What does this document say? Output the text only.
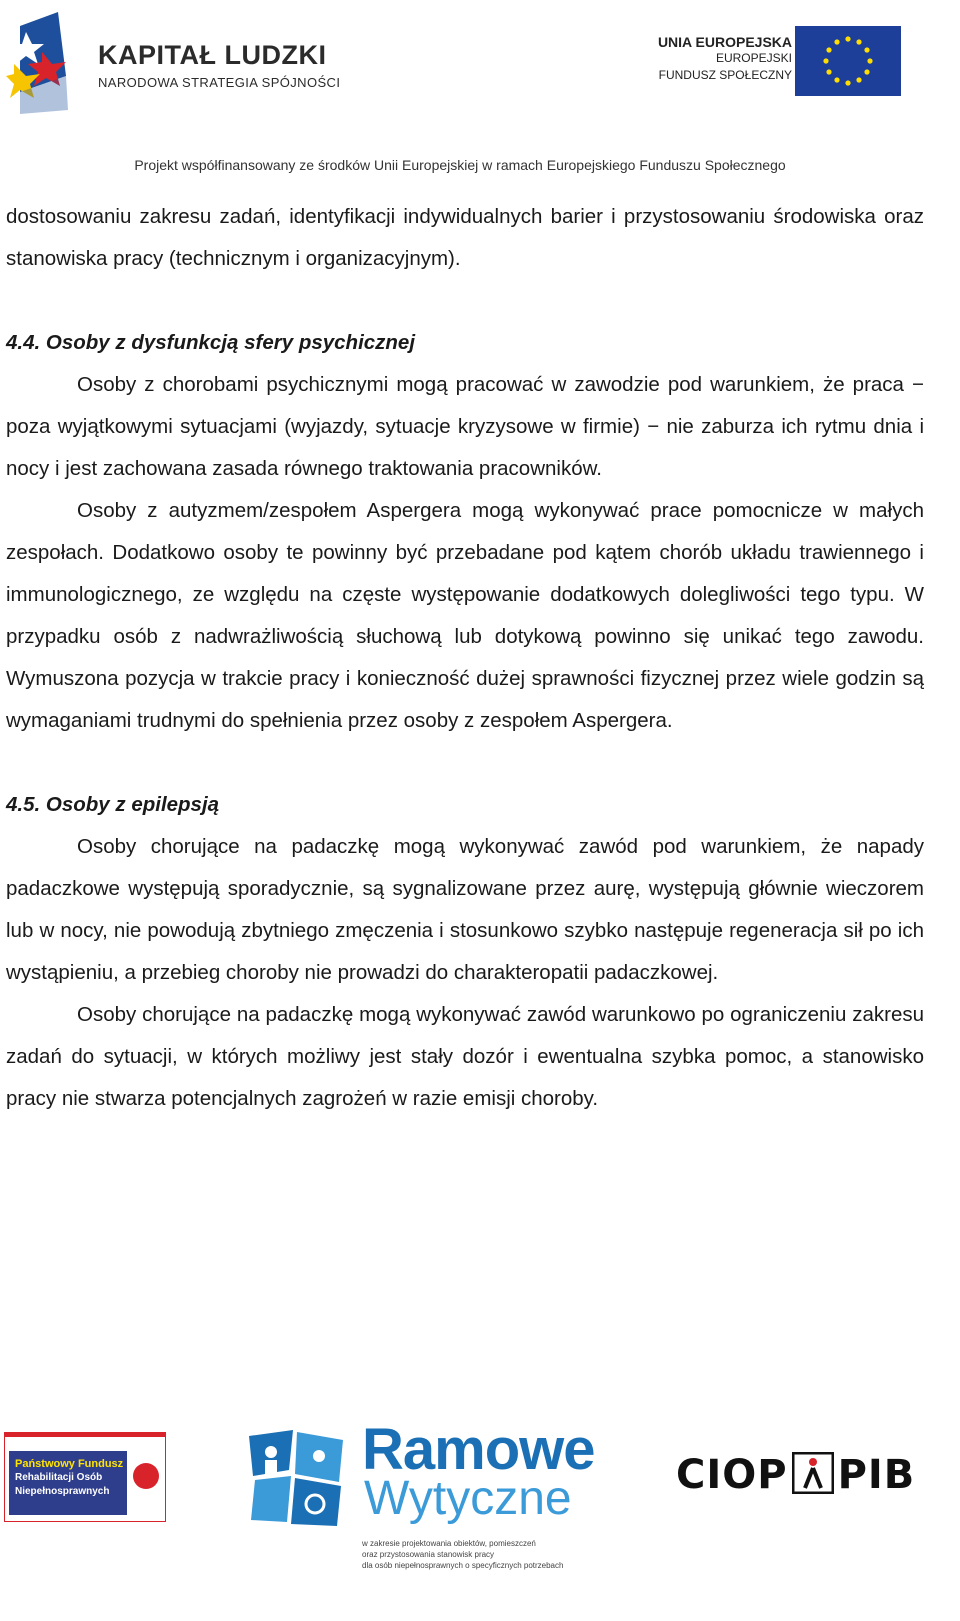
KAPITAŁ LUDZKI
NARODOWA STRATEGIA SPÓJNOŚCI
UNIA EUROPEJSKA
EUROPEJSKI
FUNDUSZ SPOŁECZNY
Projekt współfinansowany ze środków Unii Europejskiej w ramach Europejskiego Funduszu Społecznego

dostosowaniu zakresu zadań, identyfikacji indywidualnych barier i przystosowaniu środowiska oraz stanowiska pracy (technicznym i organizacyjnym).

4.4. Osoby z dysfunkcją sfery psychicznej

Osoby z chorobami psychicznymi mogą pracować w zawodzie pod warunkiem, że praca − poza wyjątkowymi sytuacjami (wyjazdy, sytuacje kryzysowe w firmie) − nie zaburza ich rytmu dnia i nocy i jest zachowana zasada równego traktowania pracowników.

Osoby z autyzmem/zespołem Aspergera mogą wykonywać prace pomocnicze w małych zespołach. Dodatkowo osoby te powinny być przebadane pod kątem chorób układu trawiennego i immunologicznego, ze względu na częste występowanie dodatkowych dolegliwości tego typu. W przypadku osób z nadwrażliwością słuchową lub dotykową powinno się unikać tego zawodu. Wymuszona pozycja w trakcie pracy i konieczność dużej sprawności fizycznej przez wiele godzin są wymaganiami trudnymi do spełnienia przez osoby z zespołem Aspergera.

4.5. Osoby z epilepsją

Osoby chorujące na padaczkę mogą wykonywać zawód pod warunkiem, że napady padaczkowe występują sporadycznie, są sygnalizowane przez aurę, występują głównie wieczorem lub w nocy, nie powodują zbytniego zmęczenia i stosunkowo szybko następuje regeneracja sił po ich wystąpieniu, a przebieg choroby nie prowadzi do charakteropatii padaczkowej.

Osoby chorujące na padaczkę mogą wykonywać zawód warunkowo po ograniczeniu zakresu zadań do sytuacji, w których możliwy jest stały dozór i ewentualna szybka pomoc, a stanowisko pracy nie stwarza potencjalnych zagrożeń w razie emisji choroby.

Państwowy Fundusz
Rehabilitacji Osób
Niepełnosprawnych
Ramowe
Wytyczne
w zakresie projektowania obiektów, pomieszczeń
oraz przystosowania stanowisk pracy
dla osób niepełnosprawnych o specyficznych potrzebach
CIOP PIB
